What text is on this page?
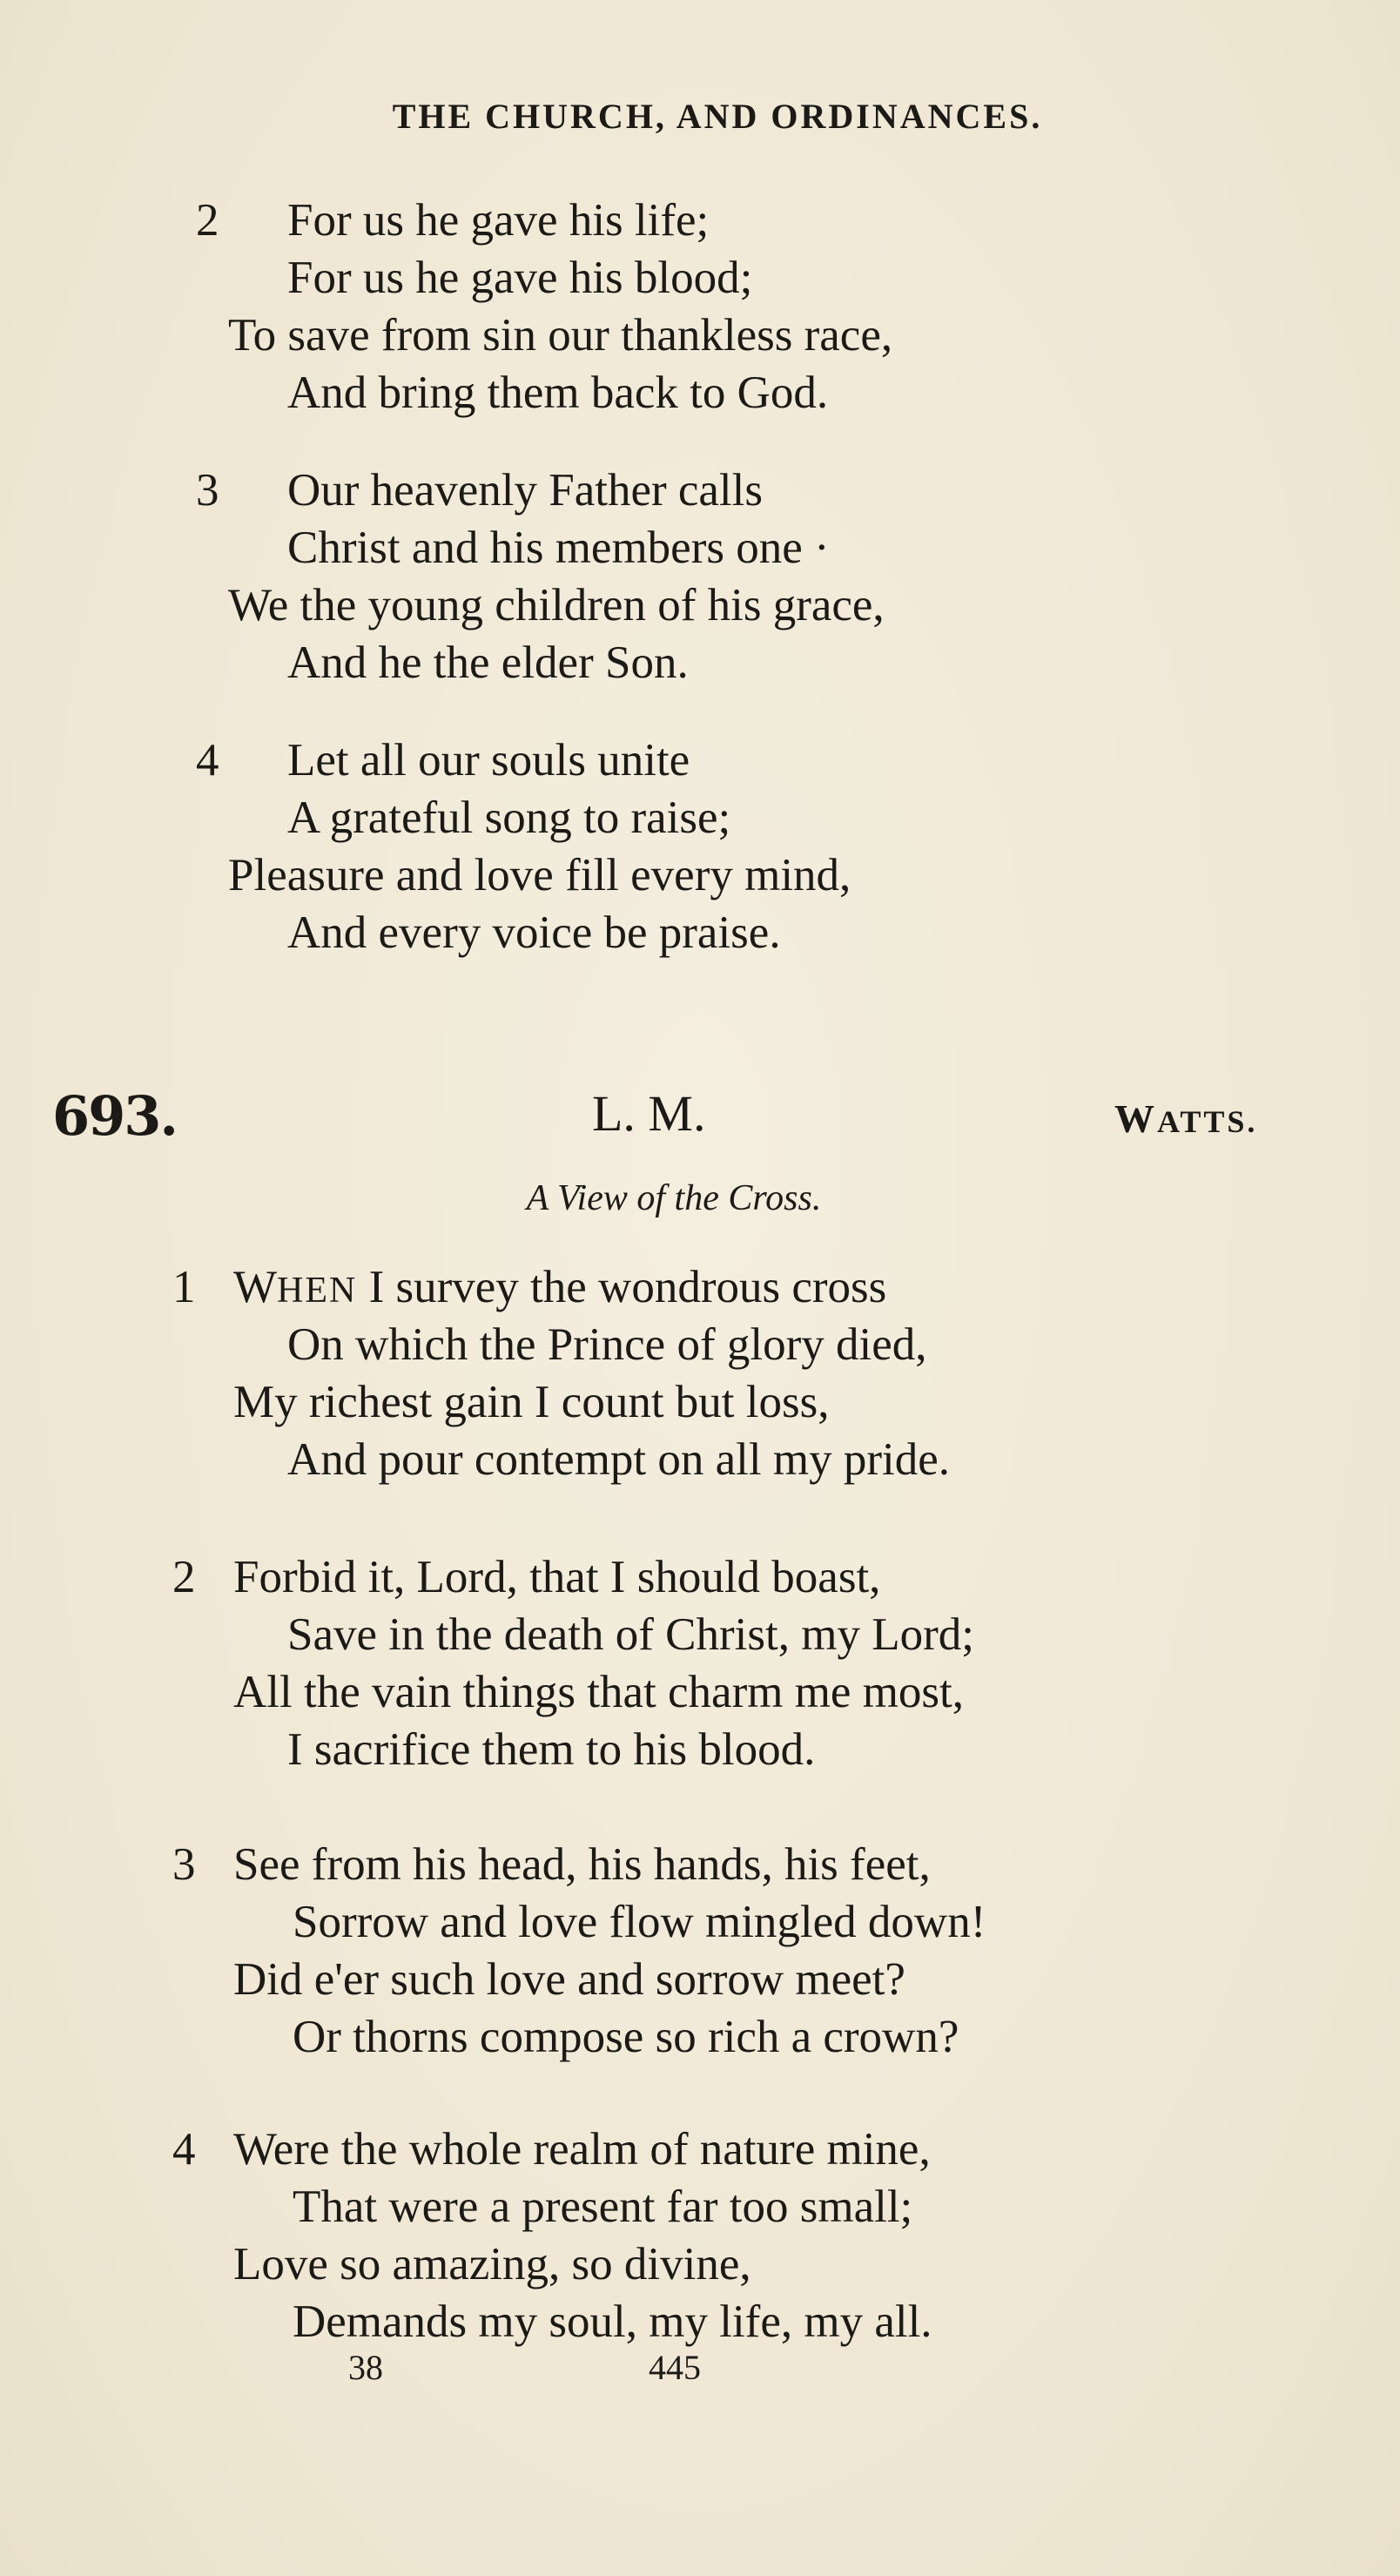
THE CHURCH, AND ORDINANCES.
2 For us he gave his life;
For us he gave his blood;
To save from sin our thankless race,
And bring them back to God.
3 Our heavenly Father calls
Christ and his members one ·
We the young children of his grace,
And he the elder Son.
4 Let all our souls unite
A grateful song to raise;
Pleasure and love fill every mind,
And every voice be praise.
693.	L. M.	WATTS.
A View of the Cross.
1 WHEN I survey the wondrous cross
On which the Prince of glory died,
My richest gain I count but loss,
And pour contempt on all my pride.
2 Forbid it, Lord, that I should boast,
Save in the death of Christ, my Lord;
All the vain things that charm me most,
I sacrifice them to his blood.
3 See from his head, his hands, his feet,
Sorrow and love flow mingled down!
Did e'er such love and sorrow meet?
Or thorns compose so rich a crown?
4 Were the whole realm of nature mine,
That were a present far too small;
Love so amazing, so divine,
Demands my soul, my life, my all.
38	445
